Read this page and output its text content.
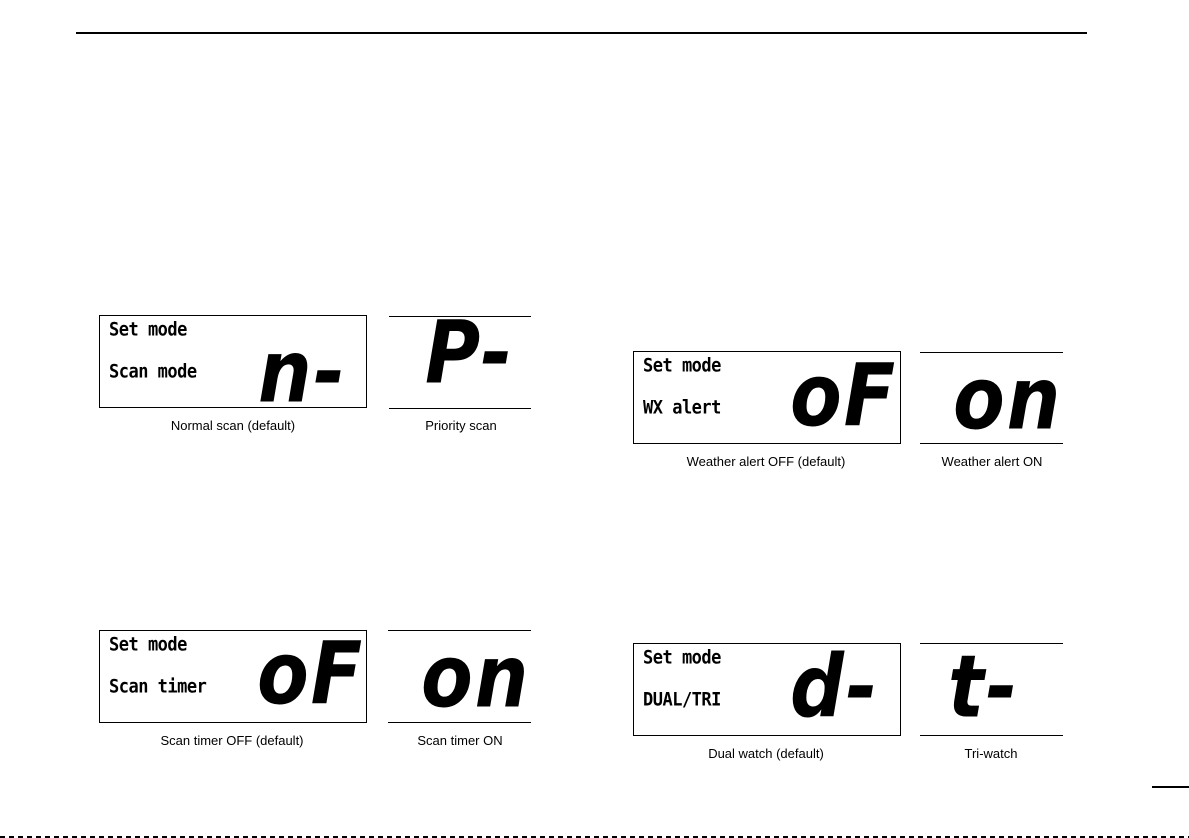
Set mode
Scan mode n-
Normal scan (default)
P-
Priority scan
Set mode
WX alert oF
Weather alert OFF (default)
on
Weather alert ON
Set mode
Scan timer oF
Scan timer OFF (default)
on
Scan timer ON
Set mode
DUAL/TRI d-
Dual watch (default)
t-
Tri-watch
